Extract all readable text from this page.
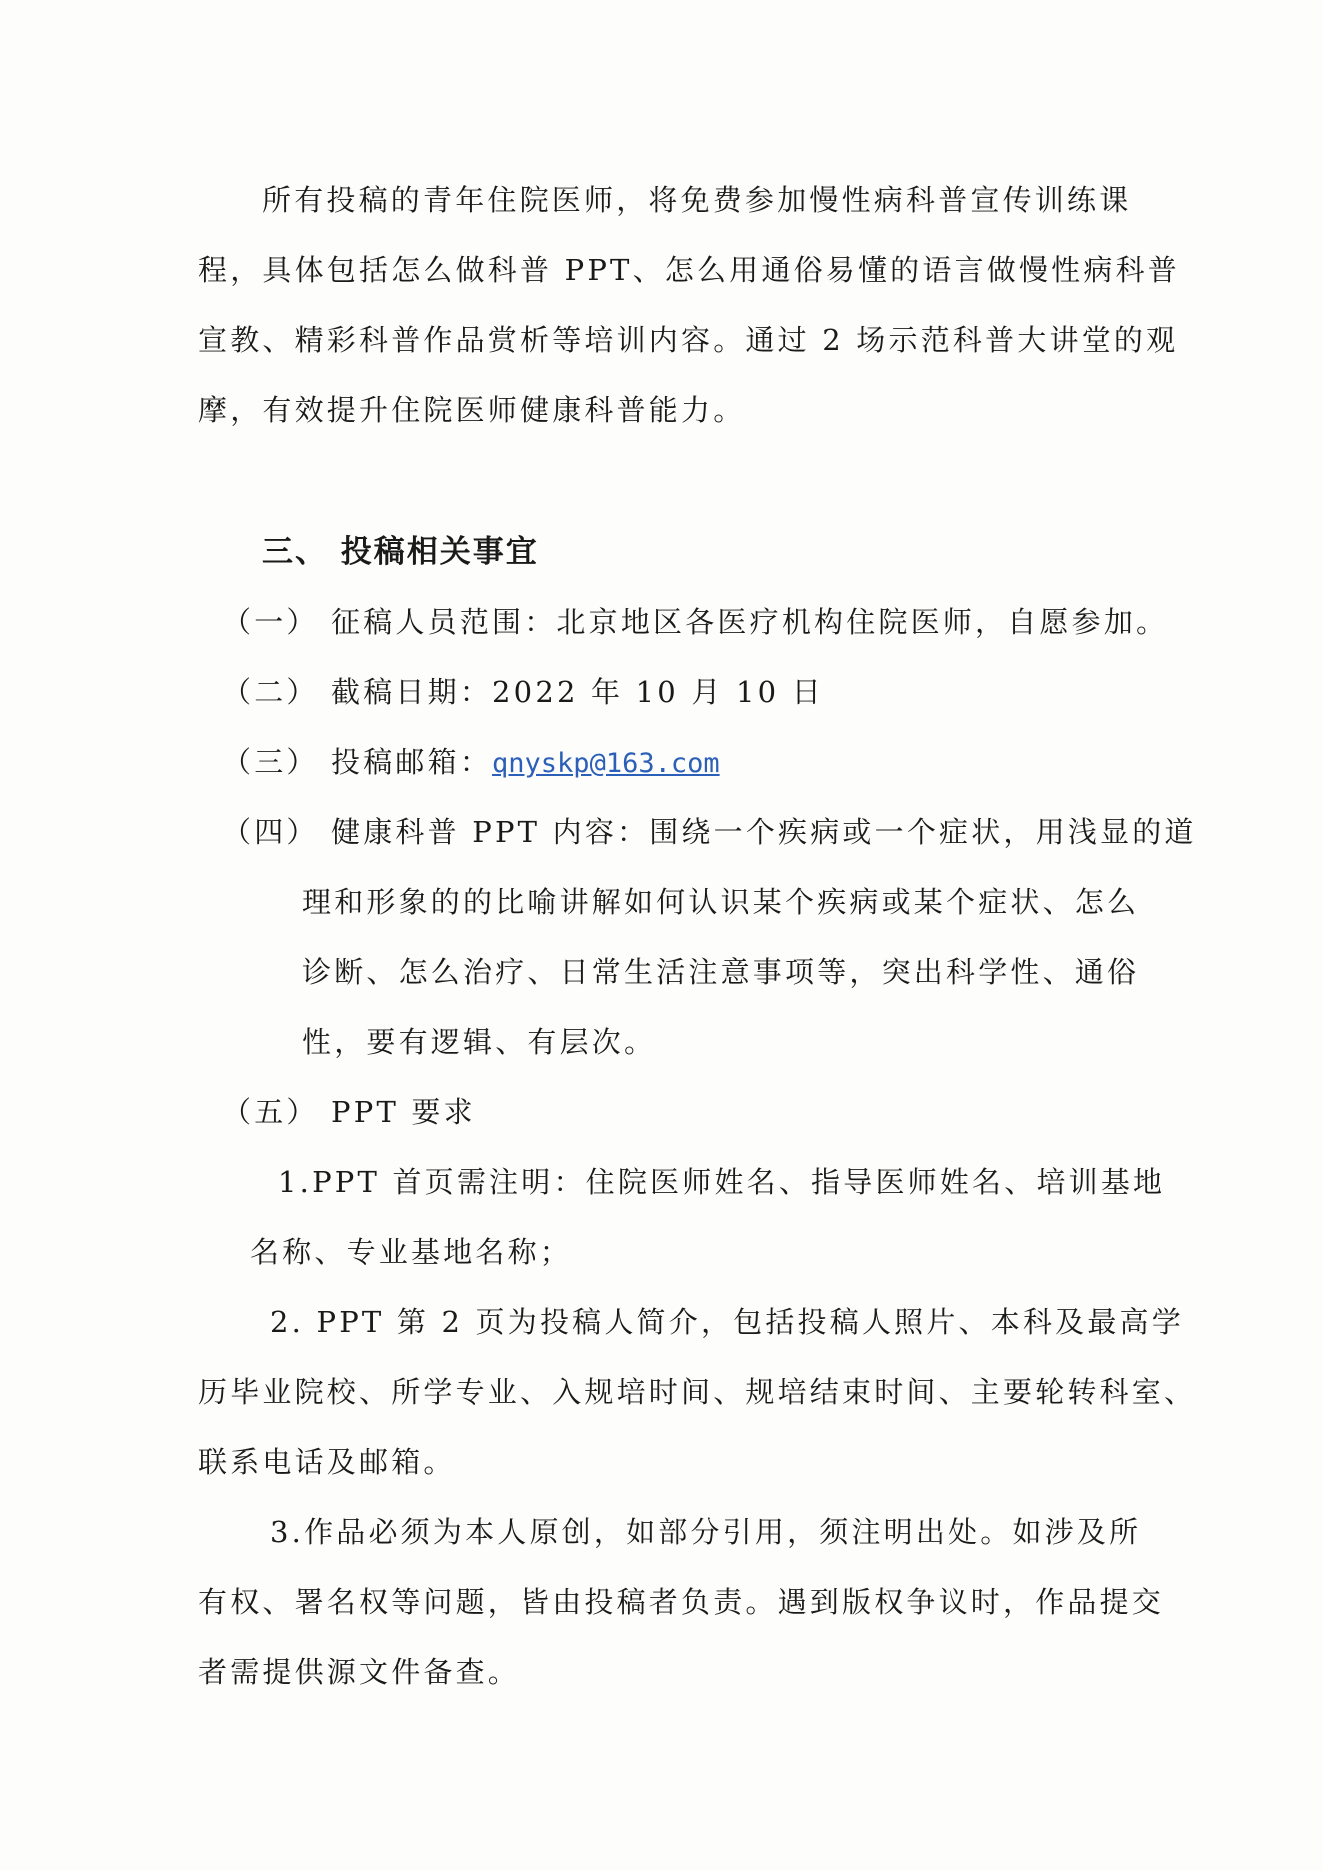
所有投稿的青年住院医师，将免费参加慢性病科普宣传训练课
程，具体包括怎么做科普 PPT、怎么用通俗易懂的语言做慢性病科普
宣教、精彩科普作品赏析等培训内容。通过 2 场示范科普大讲堂的观
摩，有效提升住院医师健康科普能力。
三、 投稿相关事宜
（一） 征稿人员范围：北京地区各医疗机构住院医师，自愿参加。
（二） 截稿日期：2022 年 10 月 10 日
（三） 投稿邮箱：qnyskp@163.com
（四） 健康科普 PPT 内容：围绕一个疾病或一个症状，用浅显的道
理和形象的的比喻讲解如何认识某个疾病或某个症状、怎么
诊断、怎么治疗、日常生活注意事项等，突出科学性、通俗
性，要有逻辑、有层次。
（五） PPT 要求
1.PPT 首页需注明：住院医师姓名、指导医师姓名、培训基地
名称、专业基地名称；
2. PPT 第 2 页为投稿人简介，包括投稿人照片、本科及最高学
历毕业院校、所学专业、入规培时间、规培结束时间、主要轮转科室、
联系电话及邮箱。
3.作品必须为本人原创，如部分引用，须注明出处。如涉及所
有权、署名权等问题，皆由投稿者负责。遇到版权争议时，作品提交
者需提供源文件备查。
